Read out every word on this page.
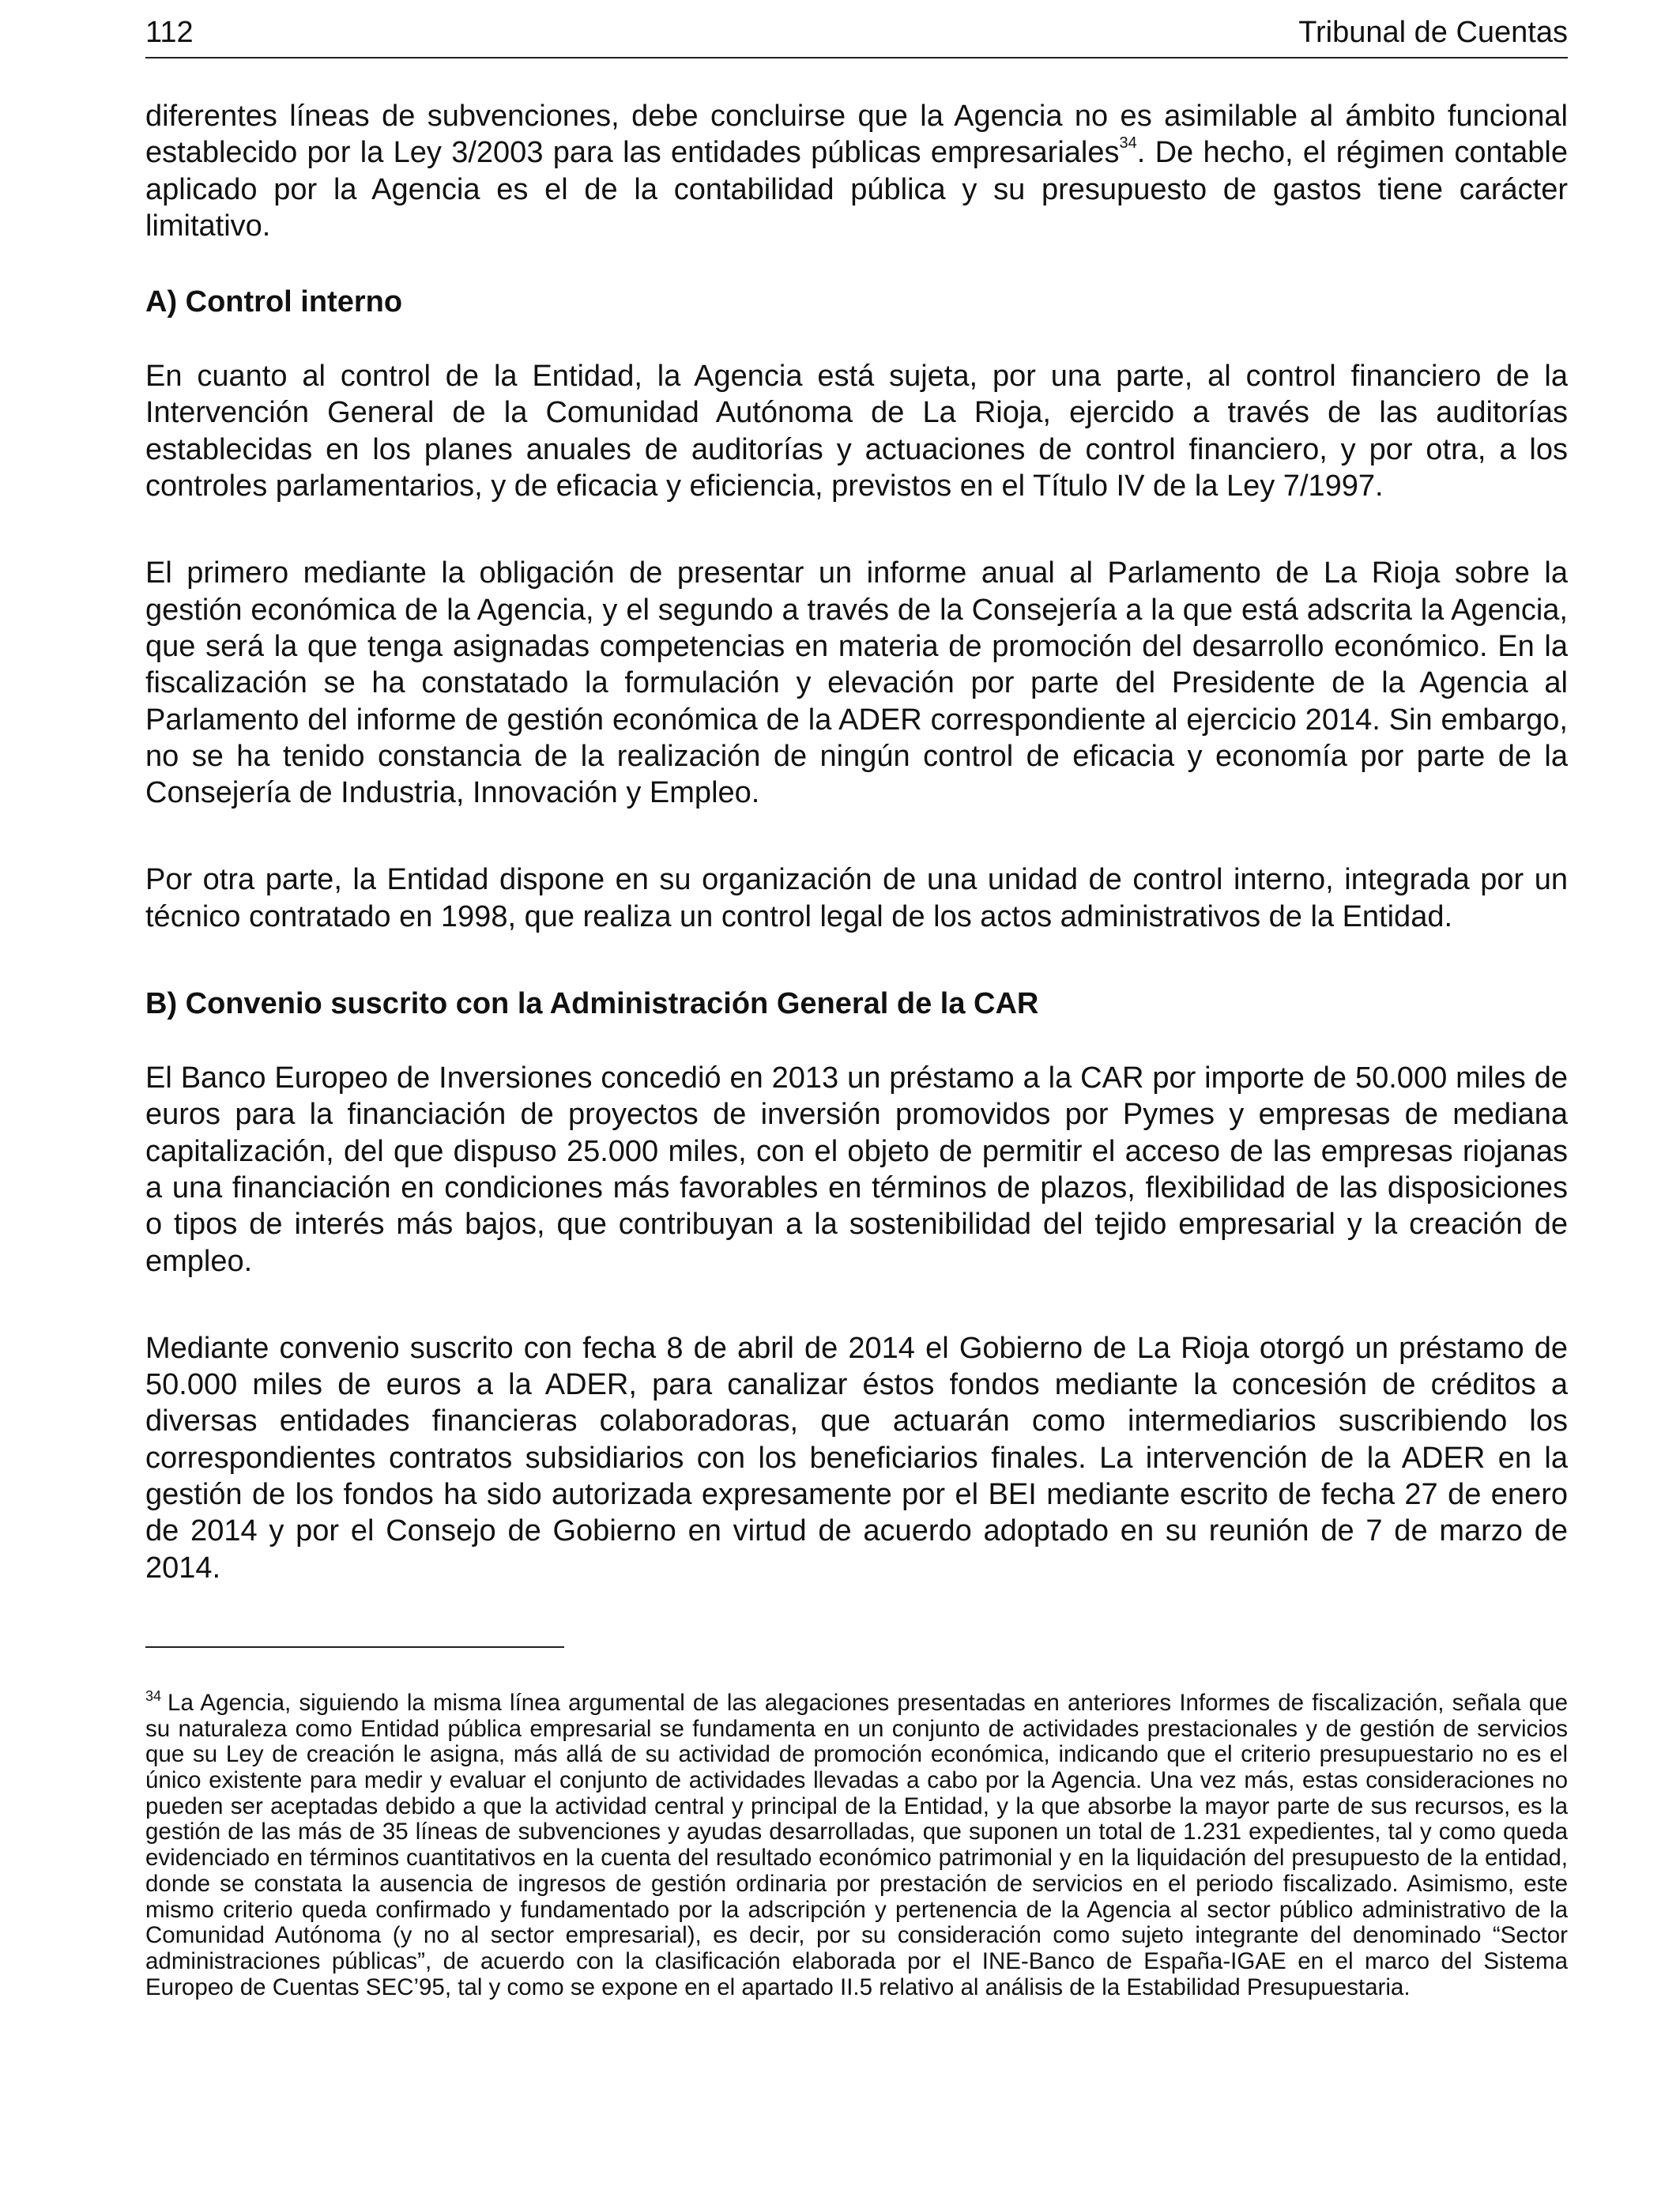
112	Tribunal de Cuentas

diferentes líneas de subvenciones, debe concluirse que la Agencia no es asimilable al ámbito funcional establecido por la Ley 3/2003 para las entidades públicas empresariales$^{34}$. De hecho, el régimen contable aplicado por la Agencia es el de la contabilidad pública y su presupuesto de gastos tiene carácter limitativo.

A) Control interno

En cuanto al control de la Entidad, la Agencia está sujeta, por una parte, al control financiero de la Intervención General de la Comunidad Autónoma de La Rioja, ejercido a través de las auditorías establecidas en los planes anuales de auditorías y actuaciones de control financiero, y por otra, a los controles parlamentarios, y de eficacia y eficiencia, previstos en el Título IV de la Ley 7/1997.

El primero mediante la obligación de presentar un informe anual al Parlamento de La Rioja sobre la gestión económica de la Agencia, y el segundo a través de la Consejería a la que está adscrita la Agencia, que será la que tenga asignadas competencias en materia de promoción del desarrollo económico. En la fiscalización se ha constatado la formulación y elevación por parte del Presidente de la Agencia al Parlamento del informe de gestión económica de la ADER correspondiente al ejercicio 2014. Sin embargo, no se ha tenido constancia de la realización de ningún control de eficacia y economía por parte de la Consejería de Industria, Innovación y Empleo.

Por otra parte, la Entidad dispone en su organización de una unidad de control interno, integrada por un técnico contratado en 1998, que realiza un control legal de los actos administrativos de la Entidad.

B) Convenio suscrito con la Administración General de la CAR

El Banco Europeo de Inversiones concedió en 2013 un préstamo a la CAR por importe de 50.000 miles de euros para la financiación de proyectos de inversión promovidos por Pymes y empresas de mediana capitalización, del que dispuso 25.000 miles, con el objeto de permitir el acceso de las empresas riojanas a una financiación en condiciones más favorables en términos de plazos, flexibilidad de las disposiciones o tipos de interés más bajos, que contribuyan a la sostenibilidad del tejido empresarial y la creación de empleo.

Mediante convenio suscrito con fecha 8 de abril de 2014 el Gobierno de La Rioja otorgó un préstamo de 50.000 miles de euros a la ADER, para canalizar éstos fondos mediante la concesión de créditos a diversas entidades financieras colaboradoras, que actuarán como intermediarios suscribiendo los correspondientes contratos subsidiarios con los beneficiarios finales. La intervención de la ADER en la gestión de los fondos ha sido autorizada expresamente por el BEI mediante escrito de fecha 27 de enero de 2014 y por el Consejo de Gobierno en virtud de acuerdo adoptado en su reunión de 7 de marzo de 2014.

$^{34}$ La Agencia, siguiendo la misma línea argumental de las alegaciones presentadas en anteriores Informes de fiscalización, señala que su naturaleza como Entidad pública empresarial se fundamenta en un conjunto de actividades prestacionales y de gestión de servicios que su Ley de creación le asigna, más allá de su actividad de promoción económica, indicando que el criterio presupuestario no es el único existente para medir y evaluar el conjunto de actividades llevadas a cabo por la Agencia. Una vez más, estas consideraciones no pueden ser aceptadas debido a que la actividad central y principal de la Entidad, y la que absorbe la mayor parte de sus recursos, es la gestión de las más de 35 líneas de subvenciones y ayudas desarrolladas, que suponen un total de 1.231 expedientes, tal y como queda evidenciado en términos cuantitativos en la cuenta del resultado económico patrimonial y en la liquidación del presupuesto de la entidad, donde se constata la ausencia de ingresos de gestión ordinaria por prestación de servicios en el periodo fiscalizado. Asimismo, este mismo criterio queda confirmado y fundamentado por la adscripción y pertenencia de la Agencia al sector público administrativo de la Comunidad Autónoma (y no al sector empresarial), es decir, por su consideración como sujeto integrante del denominado “Sector administraciones públicas”, de acuerdo con la clasificación elaborada por el INE-Banco de España-IGAE en el marco del Sistema Europeo de Cuentas SEC’95, tal y como se expone en el apartado II.5 relativo al análisis de la Estabilidad Presupuestaria.
